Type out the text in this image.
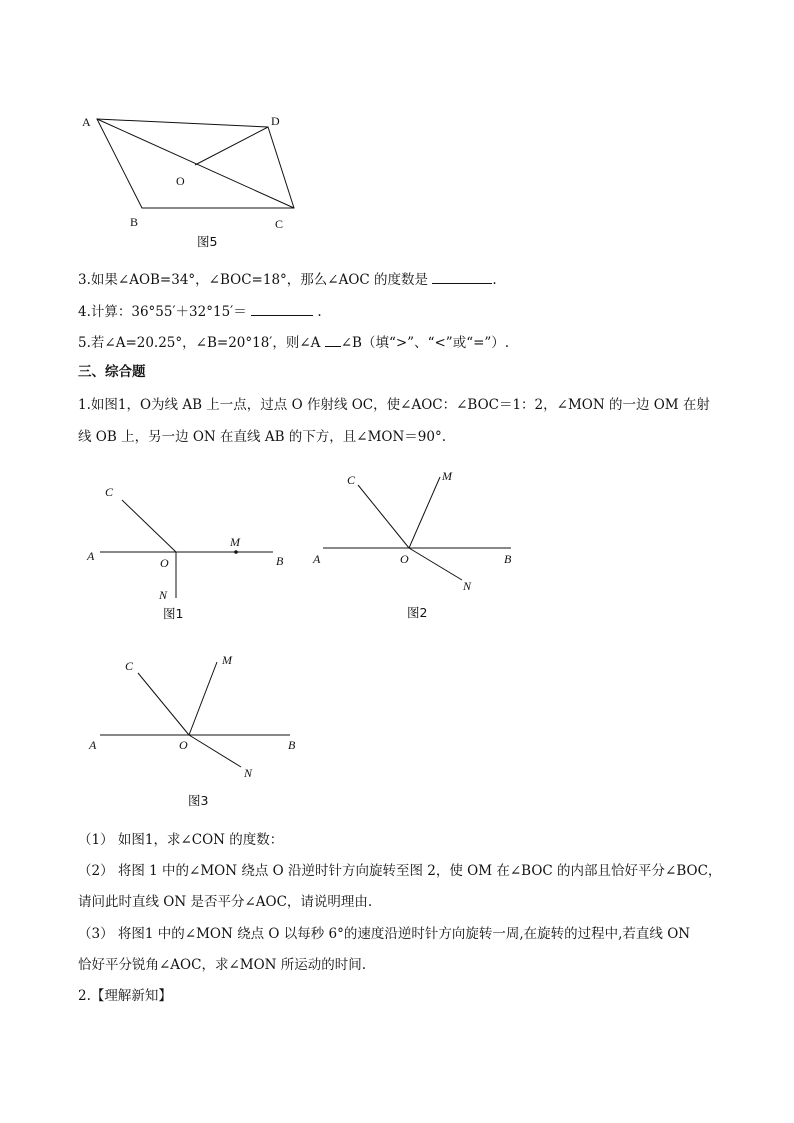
A	D
O
B	C
图5
3.如果∠AOB=34°，∠BOC=18°，那么∠AOC 的度数是	.
4.计算：36°55′＋32°15′＝	.
5.若∠A=20.25°，∠B=20°18′，则∠A ∠B（填“>”、“<”或“=”）.
三、综合题
1.如图1，O为线 AB 上一点，过点 O 作射线 OC，使∠AOC：∠BOC＝1：2，∠MON 的一边 OM 在射
线 OB 上，另一边 ON 在直线 AB 的下方，且∠MON＝90°.
C
M
A	O	B
N
图1
C	M
A	O	B
N
图2
C	M
A	O	B
N
图3
（1） 如图1，求∠CON 的度数：
（2） 将图 1 中的∠MON 绕点 O 沿逆时针方向旋转至图 2，使 OM 在∠BOC 的内部且恰好平分∠BOC，
请问此时直线 ON 是否平分∠AOC，请说明理由.
（3） 将图1 中的∠MON 绕点 O 以每秒 6°的速度沿逆时针方向旋转一周,在旋转的过程中,若直线 ON
恰好平分锐角∠AOC，求∠MON 所运动的时间.
2.【理解新知】
